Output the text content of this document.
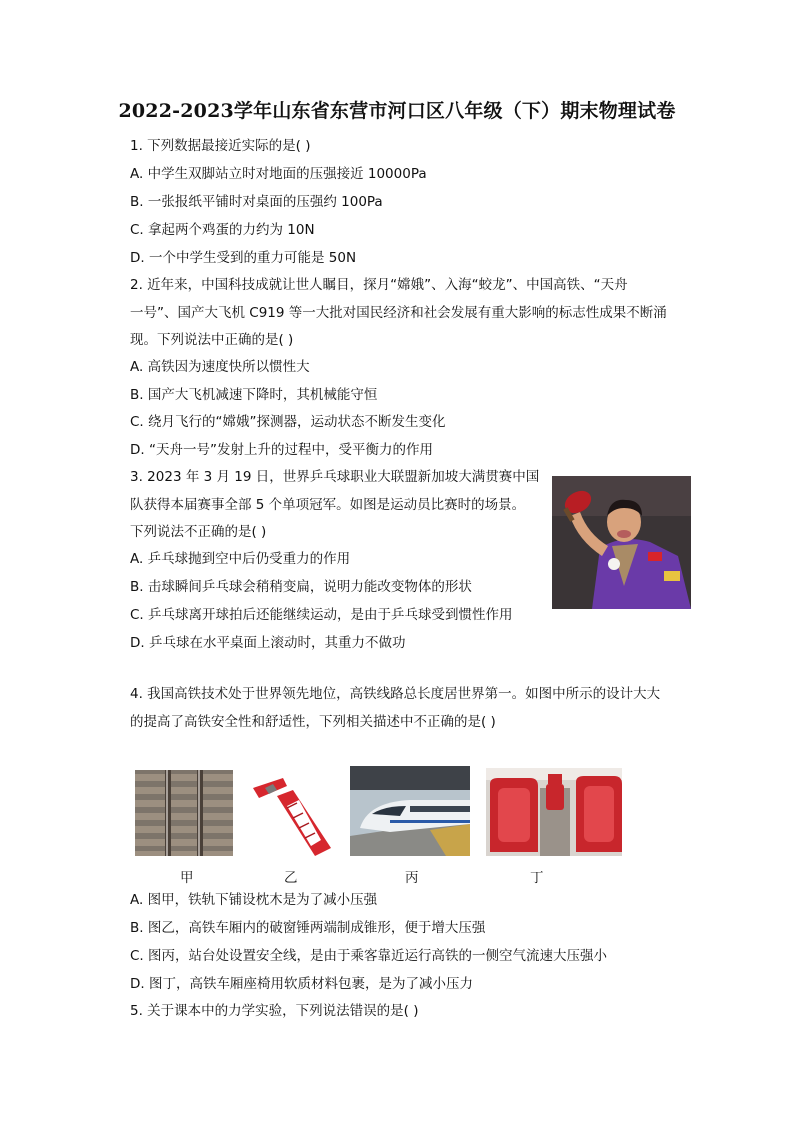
2022-2023学年山东省东营市河口区八年级（下）期末物理试卷
1. 下列数据最接近实际的是( )
A. 中学生双脚站立时对地面的压强接近 10000Pa
B. 一张报纸平铺时对桌面的压强约 100Pa
C. 拿起两个鸡蛋的力约为 10N
D. 一个中学生受到的重力可能是 50N
2. 近年来，中国科技成就让世人瞩目，探月“嫦娥”、入海“蛟龙”、中国高铁、“天舟
一号”、国产大飞机 C919 等一大批对国民经济和社会发展有重大影响的标志性成果不断涌
现。下列说法中正确的是( )
A. 高铁因为速度快所以惯性大
B. 国产大飞机减速下降时，其机械能守恒
C. 绕月飞行的“嫦娥”探测器，运动状态不断发生变化
D. “天舟一号”发射上升的过程中，受平衡力的作用
3. 2023 年 3 月 19 日，世界乒乓球职业大联盟新加坡大满贯赛中国
队获得本届赛事全部 5 个单项冠军。如图是运动员比赛时的场景。
下列说法不正确的是( )
A. 乒乓球抛到空中后仍受重力的作用
B. 击球瞬间乒乓球会稍稍变扁，说明力能改变物体的形状
C. 乒乓球离开球拍后还能继续运动，是由于乒乓球受到惯性作用
D. 乒乓球在水平桌面上滚动时，其重力不做功
4. 我国高铁技术处于世界领先地位，高铁线路总长度居世界第一。如图中所示的设计大大
的提高了高铁安全性和舒适性，下列相关描述中不正确的是( )
甲	乙	丙	丁
A. 图甲，铁轨下铺设枕木是为了减小压强
B. 图乙，高铁车厢内的破窗锤两端制成锥形，便于增大压强
C. 图丙，站台处设置安全线，是由于乘客靠近运行高铁的一侧空气流速大压强小
D. 图丁，高铁车厢座椅用软质材料包裹，是为了减小压力
5. 关于课本中的力学实验，下列说法错误的是( )
